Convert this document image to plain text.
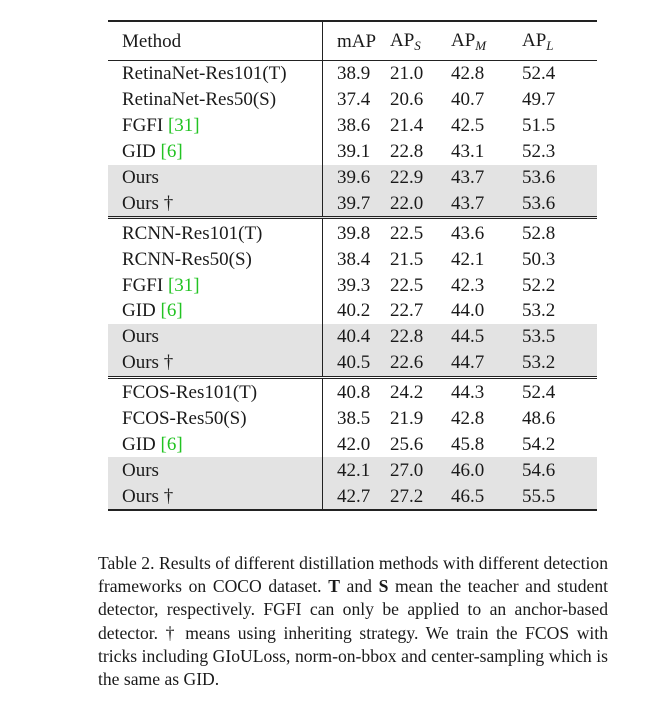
Method	mAP	$AP_S$	$AP_M$	$AP_L$
RetinaNet-Res101(T)	38.9	21.0	42.8	52.4
RetinaNet-Res50(S)	37.4	20.6	40.7	49.7
FGFI [31]	38.6	21.4	42.5	51.5
GID [6]	39.1	22.8	43.1	52.3
Ours	39.6	22.9	43.7	53.6
Ours †	39.7	22.0	43.7	53.6
RCNN-Res101(T)	39.8	22.5	43.6	52.8
RCNN-Res50(S)	38.4	21.5	42.1	50.3
FGFI [31]	39.3	22.5	42.3	52.2
GID [6]	40.2	22.7	44.0	53.2
Ours	40.4	22.8	44.5	53.5
Ours †	40.5	22.6	44.7	53.2
FCOS-Res101(T)	40.8	24.2	44.3	52.4
FCOS-Res50(S)	38.5	21.9	42.8	48.6
GID [6]	42.0	25.6	45.8	54.2
Ours	42.1	27.0	46.0	54.6
Ours †	42.7	27.2	46.5	55.5
Table 2. Results of different distillation methods with different detection frameworks on COCO dataset. T and S mean the teacher and student detector, respectively. FGFI can only be applied to an anchor-based detector. † means using inheriting strategy. We train the FCOS with tricks including GIoULoss, norm-on-bbox and center-sampling which is the same as GID.
